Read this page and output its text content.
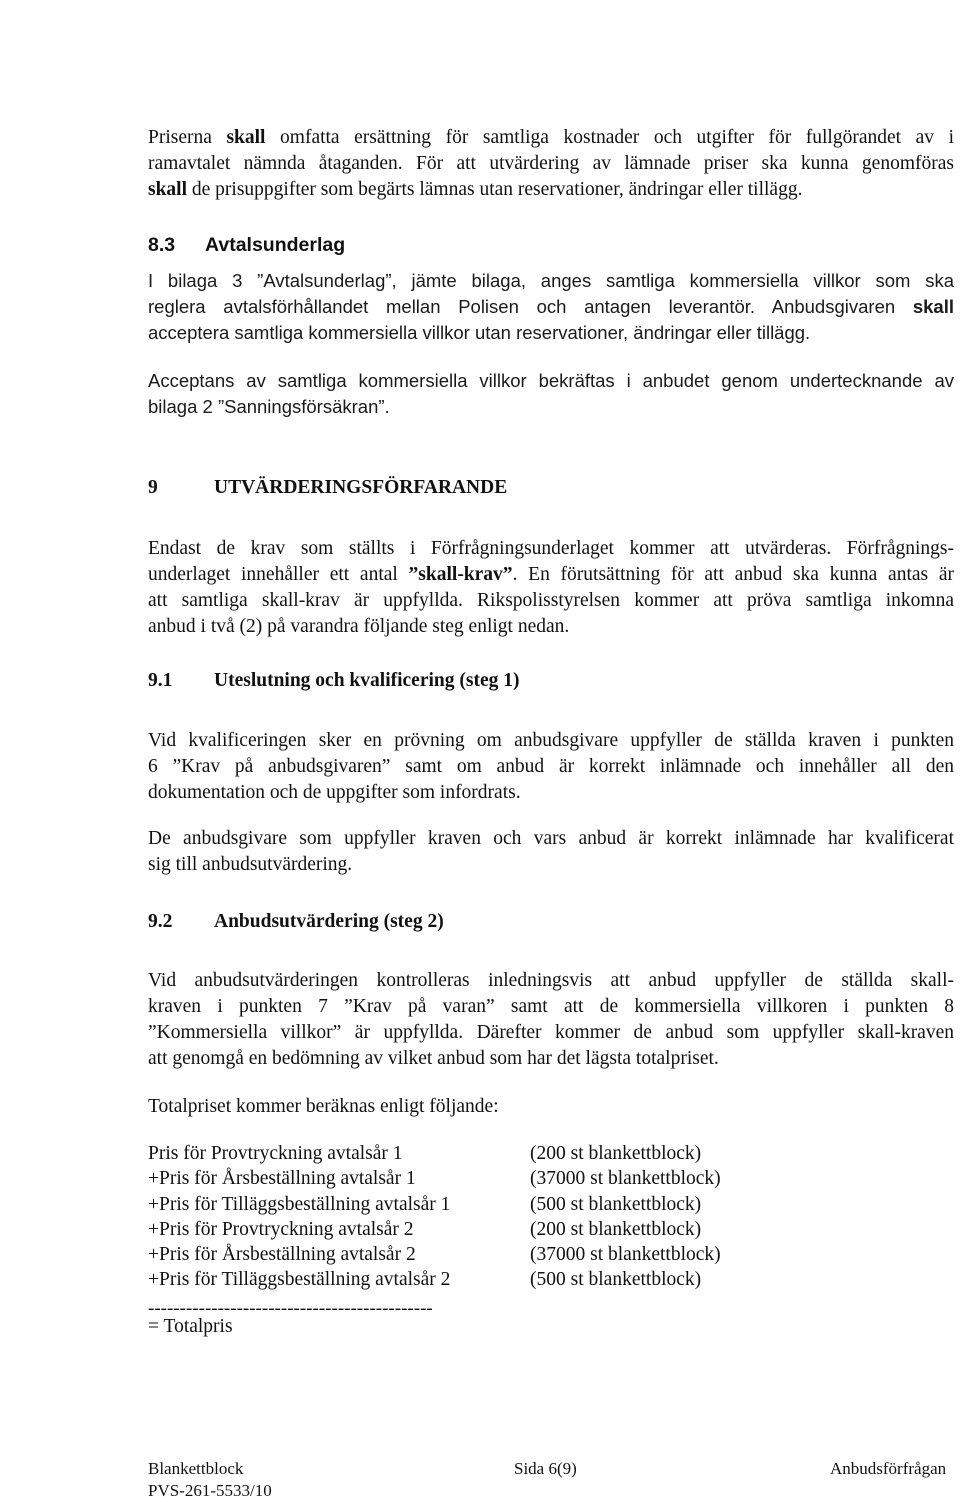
Priserna skall omfatta ersättning för samtliga kostnader och utgifter för fullgörandet av i
ramavtalet nämnda åtaganden. För att utvärdering av lämnade priser ska kunna genomföras
skall de prisuppgifter som begärts lämnas utan reservationer, ändringar eller tillägg.
8.3 Avtalsunderlag
I bilaga 3 ”Avtalsunderlag”, jämte bilaga, anges samtliga kommersiella villkor som ska
reglera avtalsförhållandet mellan Polisen och antagen leverantör. Anbudsgivaren skall
acceptera samtliga kommersiella villkor utan reservationer, ändringar eller tillägg.
Acceptans av samtliga kommersiella villkor bekräftas i anbudet genom undertecknande av
bilaga 2 ”Sanningsförsäkran”.
9	UTVÄRDERINGSFÖRFARANDE
Endast de krav som ställts i Förfrågningsunderlaget kommer att utvärderas. Förfrågnings-
underlaget innehåller ett antal ”skall-krav”. En förutsättning för att anbud ska kunna antas är
att samtliga skall-krav är uppfyllda. Rikspolisstyrelsen kommer att pröva samtliga inkomna
anbud i två (2) på varandra följande steg enligt nedan.
9.1 Uteslutning och kvalificering (steg 1)
Vid kvalificeringen sker en prövning om anbudsgivare uppfyller de ställda kraven i punkten
6 ”Krav på anbudsgivaren” samt om anbud är korrekt inlämnade och innehåller all den
dokumentation och de uppgifter som infordrats.
De anbudsgivare som uppfyller kraven och vars anbud är korrekt inlämnade har kvalificerat
sig till anbudsutvärdering.
9.2 Anbudsutvärdering (steg 2)
Vid anbudsutvärderingen kontrolleras inledningsvis att anbud uppfyller de ställda skall-
kraven i punkten 7 ”Krav på varan” samt att de kommersiella villkoren i punkten 8
”Kommersiella villkor” är uppfyllda. Därefter kommer de anbud som uppfyller skall-kraven
att genomgå en bedömning av vilket anbud som har det lägsta totalpriset.
Totalpriset kommer beräknas enligt följande:
Pris för Provtryckning avtalsår 1	(200 st blankettblock)
+Pris för Årsbeställning avtalsår 1	(37000 st blankettblock)
+Pris för Tilläggsbeställning avtalsår 1	(500 st blankettblock)
+Pris för Provtryckning avtalsår 2	(200 st blankettblock)
+Pris för Årsbeställning avtalsår 2	(37000 st blankettblock)
+Pris för Tilläggsbeställning avtalsår 2	(500 st blankettblock)
---------------------------------------------
= Totalpris
Blankettblock
PVS-261-5533/10
Sida 6(9)	Anbudsförfrågan
